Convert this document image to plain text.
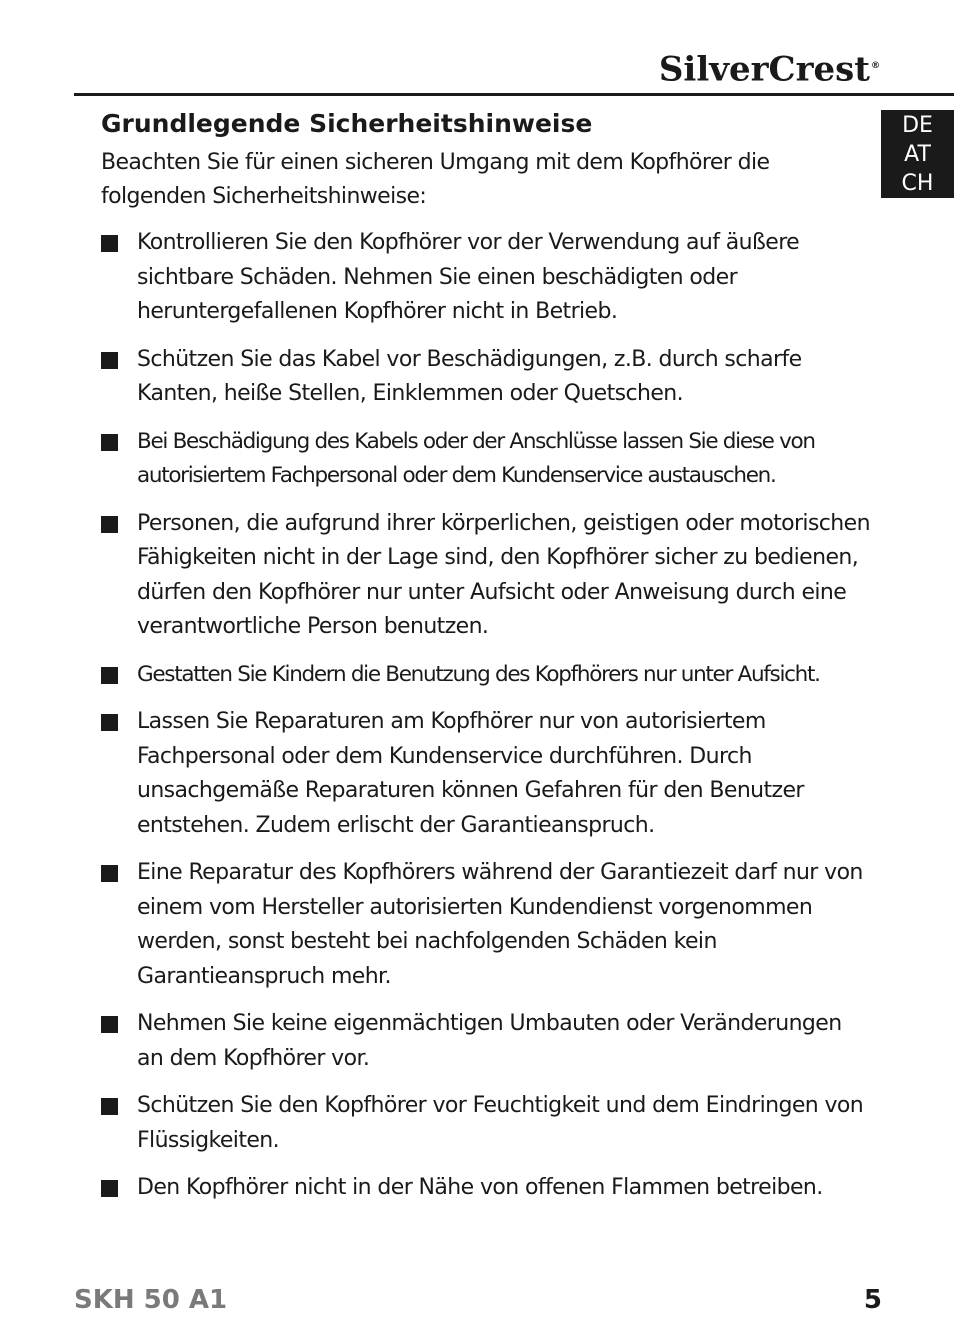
SilverCrest®
DE
AT
CH
Grundlegende Sicherheitshinweise

Beachten Sie für einen sicheren Umgang mit dem Kopfhörer die folgenden Sicherheitshinweise:

Kontrollieren Sie den Kopfhörer vor der Verwendung auf äußere sichtbare Schäden. Nehmen Sie einen beschädigten oder heruntergefallenen Kopfhörer nicht in Betrieb.
Schützen Sie das Kabel vor Beschädigungen, z.B. durch scharfe Kanten, heiße Stellen, Einklemmen oder Quetschen.
Bei Beschädigung des Kabels oder der Anschlüsse lassen Sie diese von autorisiertem Fachpersonal oder dem Kundenservice austauschen.
Personen, die aufgrund ihrer körperlichen, geistigen oder motorischen Fähigkeiten nicht in der Lage sind, den Kopfhörer sicher zu bedienen, dürfen den Kopfhörer nur unter Aufsicht oder Anweisung durch eine verantwortliche Person benutzen.
Gestatten Sie Kindern die Benutzung des Kopfhörers nur unter Aufsicht.
Lassen Sie Reparaturen am Kopfhörer nur von autorisiertem Fachpersonal oder dem Kundenservice durchführen. Durch unsachgemäße Reparaturen können Gefahren für den Benutzer entstehen. Zudem erlischt der Garantieanspruch.
Eine Reparatur des Kopfhörers während der Garantiezeit darf nur von einem vom Hersteller autorisierten Kundendienst vorgenommen werden, sonst besteht bei nachfolgenden Schäden kein Garantieanspruch mehr.
Nehmen Sie keine eigenmächtigen Umbauten oder Veränderungen an dem Kopfhörer vor.
Schützen Sie den Kopfhörer vor Feuchtigkeit und dem Eindringen von Flüssigkeiten.
Den Kopfhörer nicht in der Nähe von offenen Flammen betreiben.
SKH 50 A1	5
